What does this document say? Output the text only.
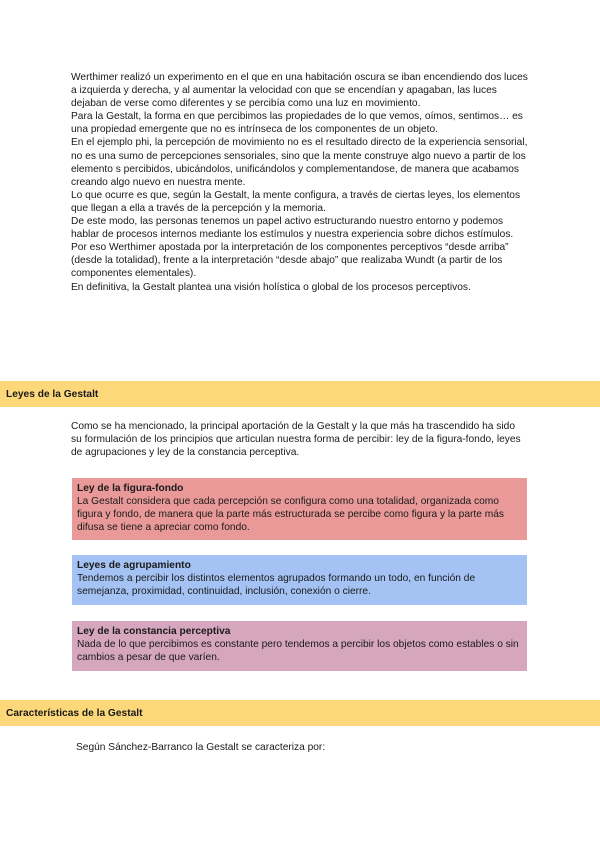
Werthimer realizó un experimento en el que en una habitación oscura se iban encendiendo dos luces a izquierda y derecha, y al aumentar la velocidad con que se encendían y apagaban, las luces dejaban de verse como diferentes y se percibía como una luz en movimiento.

Para la Gestalt, la forma en que percibimos las propiedades de lo que vemos, oímos, sentimos… es una propiedad emergente que no es intrínseca de los componentes de un objeto.

En el ejemplo phi, la percepción de movimiento no es el resultado directo de la experiencia sensorial, no es una sumo de percepciones sensoriales, sino que la mente construye algo nuevo a partir de los elemento s percibidos, ubicándolos, unificándolos y complementandose, de manera que acabamos creando algo nuevo en nuestra mente.

Lo que ocurre es que, según la Gestalt, la mente configura, a través de ciertas leyes, los elementos que llegan a ella a través de la percepción y la memoria.

De este modo, las personas tenemos un papel activo estructurando nuestro entorno y podemos hablar de procesos internos mediante los estímulos y nuestra experiencia sobre dichos estímulos.

Por eso Werthimer apostada por la interpretación de los componentes perceptivos “desde arriba” (desde la totalidad), frente a la interpretación “desde abajo” que realizaba Wundt (a partir de los componentes elementales).

En definitiva, la Gestalt plantea una visión holística o global de los procesos perceptivos.

Leyes de la Gestalt

Como se ha mencionado, la principal aportación de la Gestalt y la que más ha trascendido ha sido su formulación de los principios que articulan nuestra forma de percibir: ley de la figura-fondo, leyes de agrupaciones y ley de la constancia perceptiva.

Ley de la figura-fondo
La Gestalt considera que cada percepción se configura como una totalidad, organizada como figura y fondo, de manera que la parte más estructurada se percibe como figura y la parte más difusa se tiene a apreciar como fondo.
Leyes de agrupamiento
Tendemos a percibir los distintos elementos agrupados formando un todo, en función de semejanza, proximidad, continuidad, inclusión, conexión o cierre.
Ley de la constancia perceptiva
Nada de lo que percibimos es constante pero tendemos a percibir los objetos como estables o sin cambios a pesar de que varíen.
Características de la Gestalt

Según Sánchez-Barranco la Gestalt se caracteriza por:
